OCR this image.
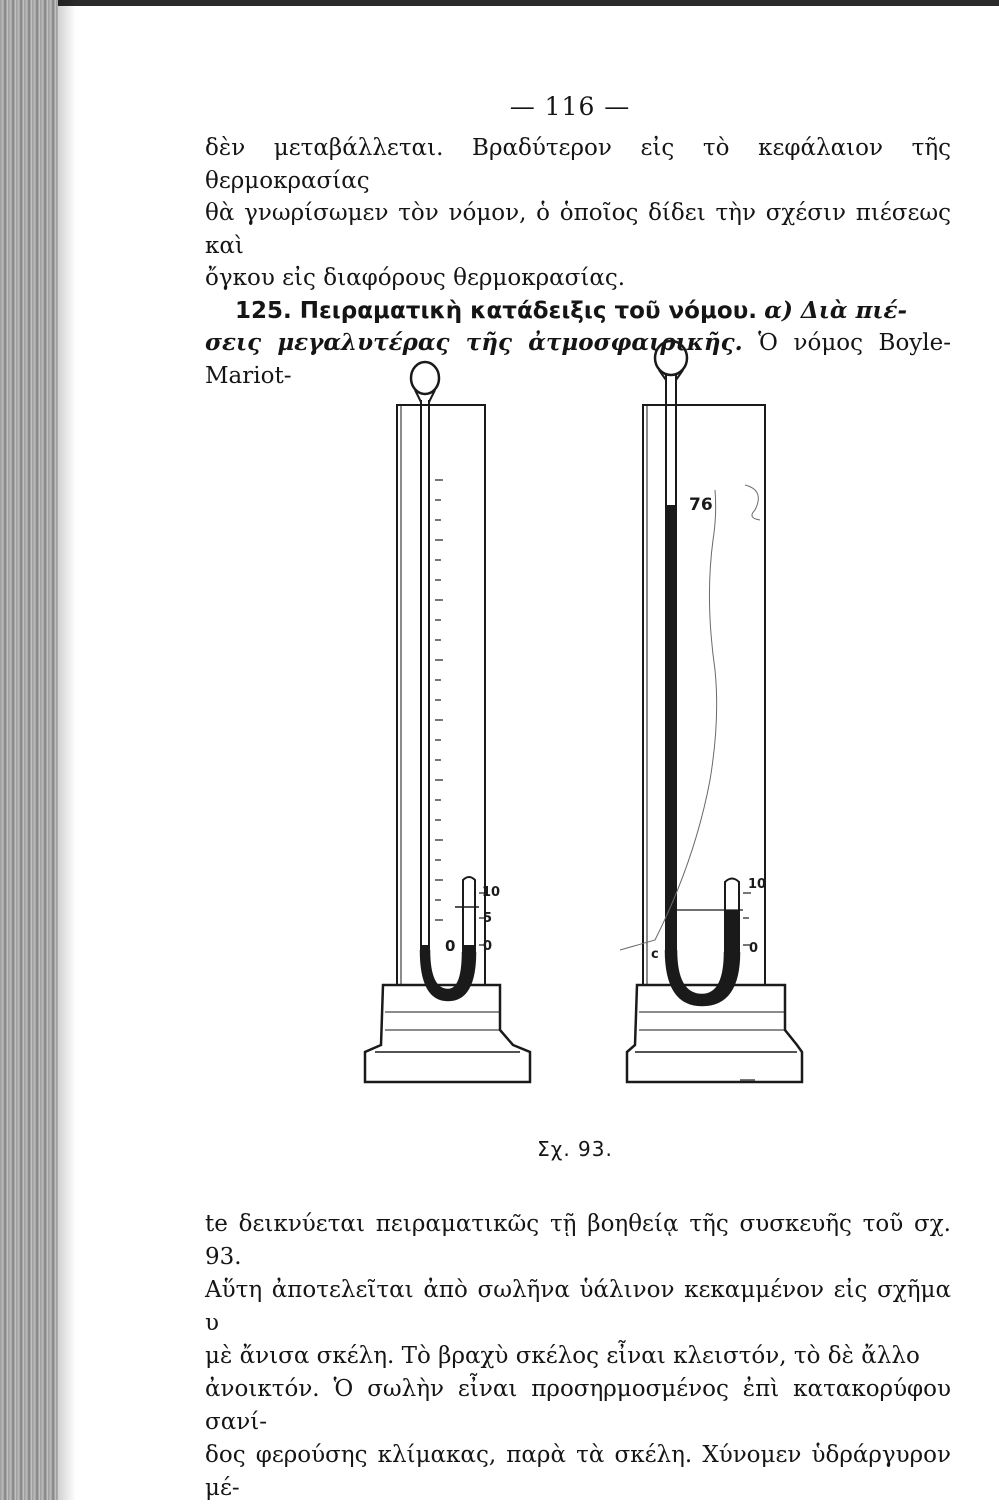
— 116 —
δὲν μεταβάλλεται. Βραδύτερον εἰς τὸ κεφάλαιον τῆς θερμοκρασίας
θὰ γνωρίσωμεν τὸν νόμον, ὁ ὁποῖος δίδει τὴν σχέσιν πιέσεως καὶ
ὄγκου εἰς διαφόρους θερμοκρασίας.
125. Πειραματικὴ κατάδειξις τοῦ νόμου. α) Διὰ πιέ-
σεις μεγαλυτέρας τῆς ἀτμοσφαιρικῆς. Ὁ νόμος Boyle-Mariot-
10
5
0
0
76
10
c	0
Σχ. 93.
te δεικνύεται πειραματικῶς τῇ βοηθείᾳ τῆς συσκευῆς τοῦ σχ. 93.
Αὕτη ἀποτελεῖται ἀπὸ σωλῆνα ὑάλινον κεκαμμένον εἰς σχῆμα υ
μὲ ἄνισα σκέλη. Τὸ βραχὺ σκέλος εἶναι κλειστόν, τὸ δὲ ἄλλο
ἀνοικτόν. Ὁ σωλὴν εἶναι προσηρμοσμένος ἐπὶ κατακορύφου σανί-
δος φερούσης κλίμακας, παρὰ τὰ σκέλη. Χύνομεν ὑδράργυρον μέ-
